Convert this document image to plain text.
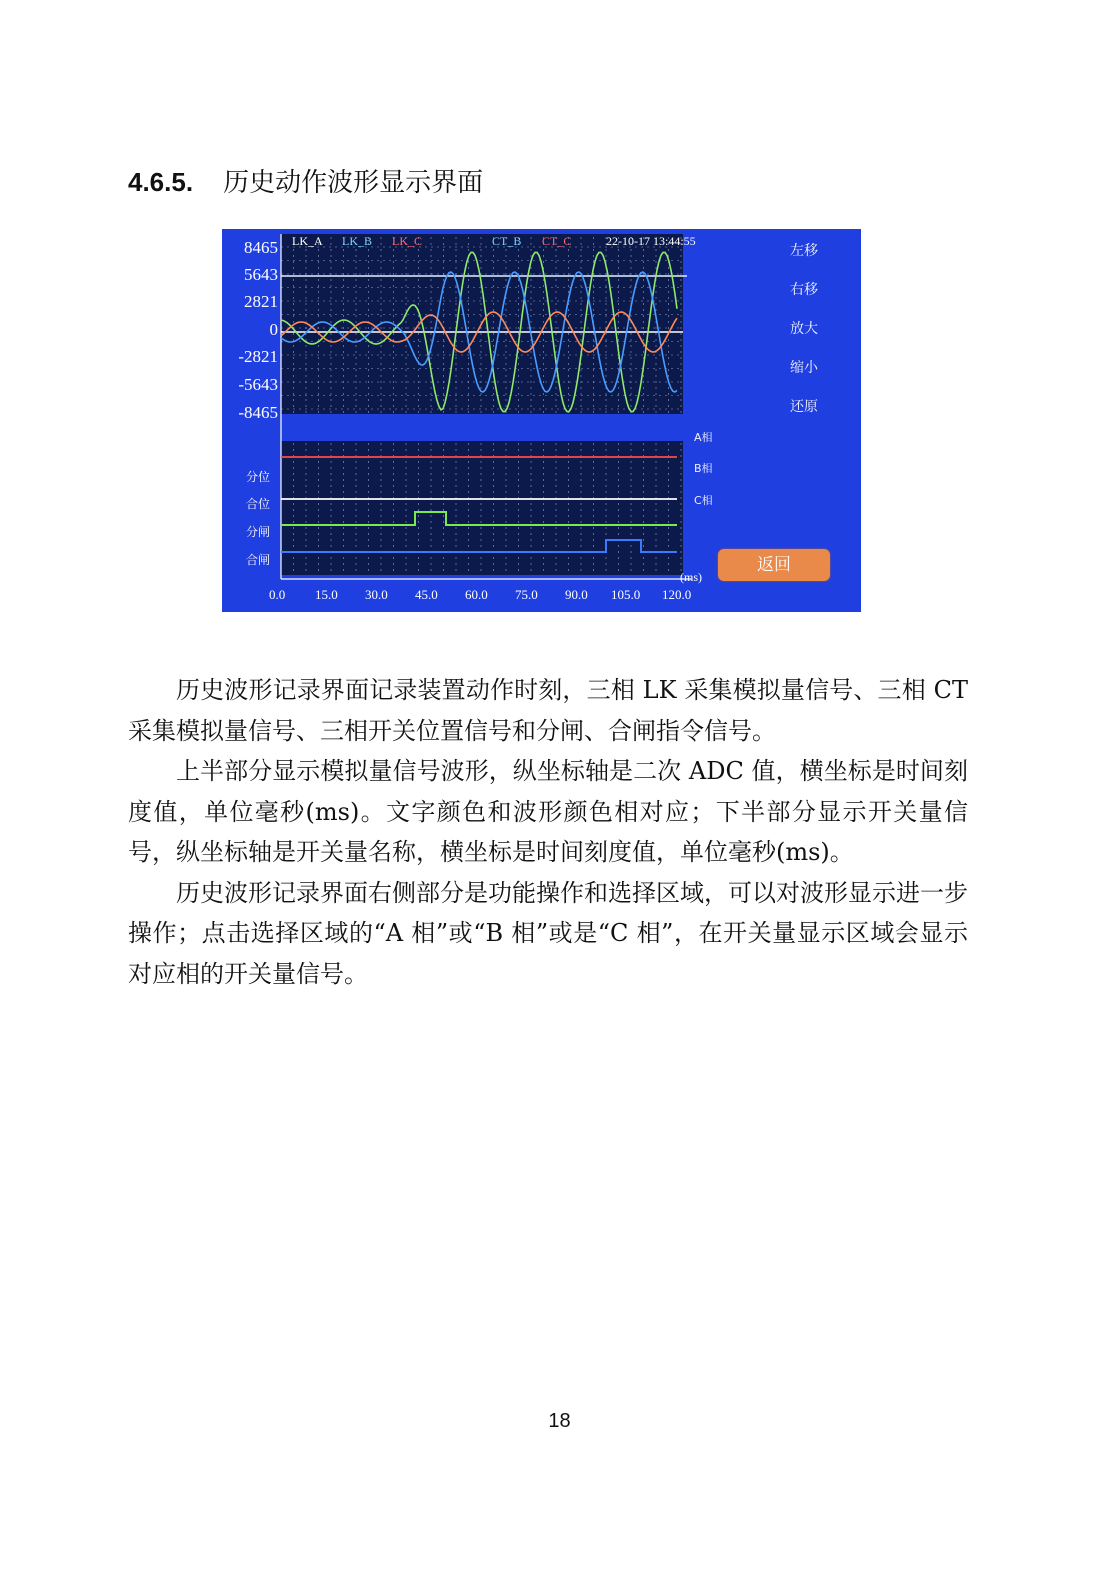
4.6.5. 历史动作波形显示界面
LK_A LK_B LK_C	CT_B CT_C	22-10-17 13:44:55
8465
5643
2821
0
-2821
-5643
-8465
左移
右移
放大
缩小
还原
A相
B相
C相
分位
合位
分闸
合闸
0.0 15.0 30.0 45.0 60.0 75.0 90.0 105.0 120.0
(ms)
返回

历史波形记录界面记录装置动作时刻，三相 LK 采集模拟量信号、三相 CT 采集模拟量信号、三相开关位置信号和分闸、合闸指令信号。

上半部分显示模拟量信号波形，纵坐标轴是二次 ADC 值，横坐标是时间刻度值，单位毫秒(ms)。文字颜色和波形颜色相对应；下半部分显示开关量信号，纵坐标轴是开关量名称，横坐标是时间刻度值，单位毫秒(ms)。

历史波形记录界面右侧部分是功能操作和选择区域，可以对波形显示进一步操作；点击选择区域的“A 相”或“B 相”或是“C 相”，在开关量显示区域会显示对应相的开关量信号。

18
